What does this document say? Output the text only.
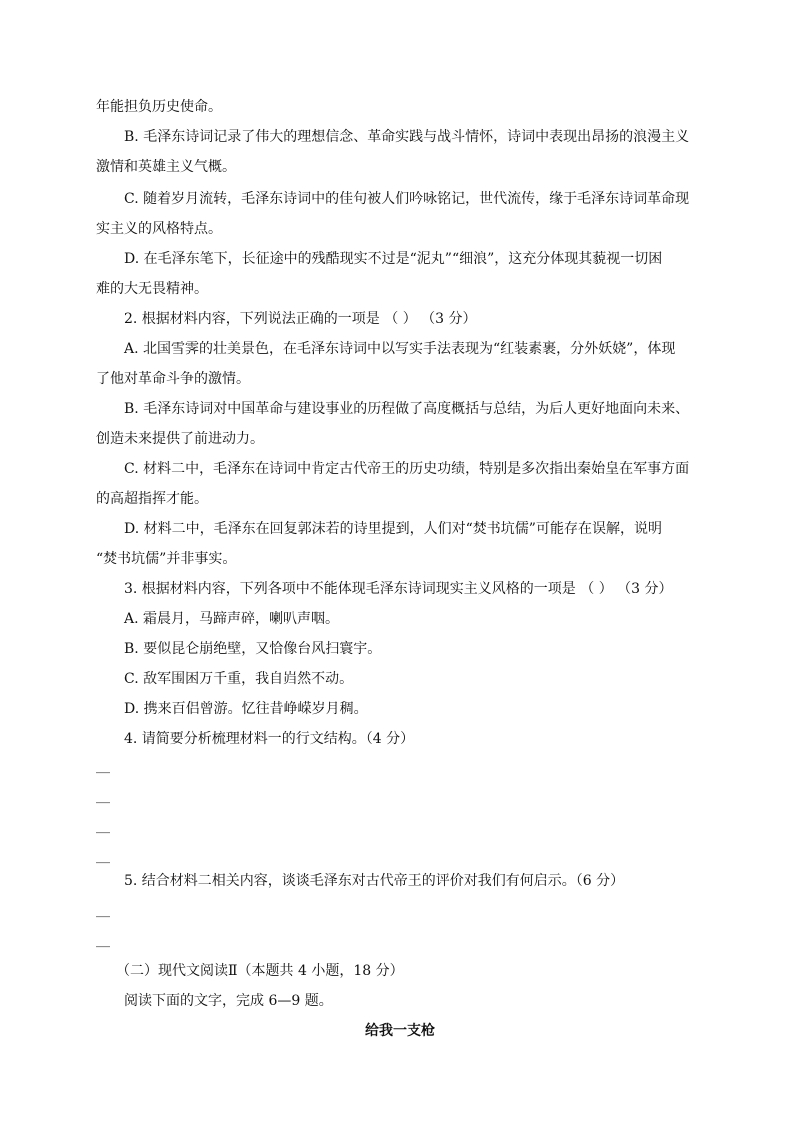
年能担负历史使命。
B. 毛泽东诗词记录了伟大的理想信念、革命实践与战斗情怀，诗词中表现出昂扬的浪漫主义
激情和英雄主义气概。
C. 随着岁月流转，毛泽东诗词中的佳句被人们吟咏铭记，世代流传，缘于毛泽东诗词革命现
实主义的风格特点。
D. 在毛泽东笔下，长征途中的残酷现实不过是“泥丸”“细浪”，这充分体现其藐视一切困
难的大无畏精神。
2. 根据材料内容，下列说法正确的一项是 （ ） （3 分）
A. 北国雪霁的壮美景色，在毛泽东诗词中以写实手法表现为“红装素裹，分外妖娆”，体现
了他对革命斗争的激情。
B. 毛泽东诗词对中国革命与建设事业的历程做了高度概括与总结，为后人更好地面向未来、
创造未来提供了前进动力。
C. 材料二中，毛泽东在诗词中肯定古代帝王的历史功绩，特别是多次指出秦始皇在军事方面
的高超指挥才能。
D. 材料二中，毛泽东在回复郭沫若的诗里提到，人们对“焚书坑儒”可能存在误解，说明
“焚书坑儒”并非事实。
3. 根据材料内容，下列各项中不能体现毛泽东诗词现实主义风格的一项是 （ ） （3 分）
A. 霜晨月，马蹄声碎，喇叭声咽。
B. 要似昆仑崩绝壁，又恰像台风扫寰宇。
C. 敌军围困万千重，我自岿然不动。
D. 携来百侣曾游。忆往昔峥嵘岁月稠。
4. 请简要分析梳理材料一的行文结构。（4 分）
__
__
__
__
5. 结合材料二相关内容，谈谈毛泽东对古代帝王的评价对我们有何启示。（6 分）
__
__
（二）现代文阅读Ⅱ（本题共 4 小题，18 分）
阅读下面的文字，完成 6—9 题。
给我一支枪
